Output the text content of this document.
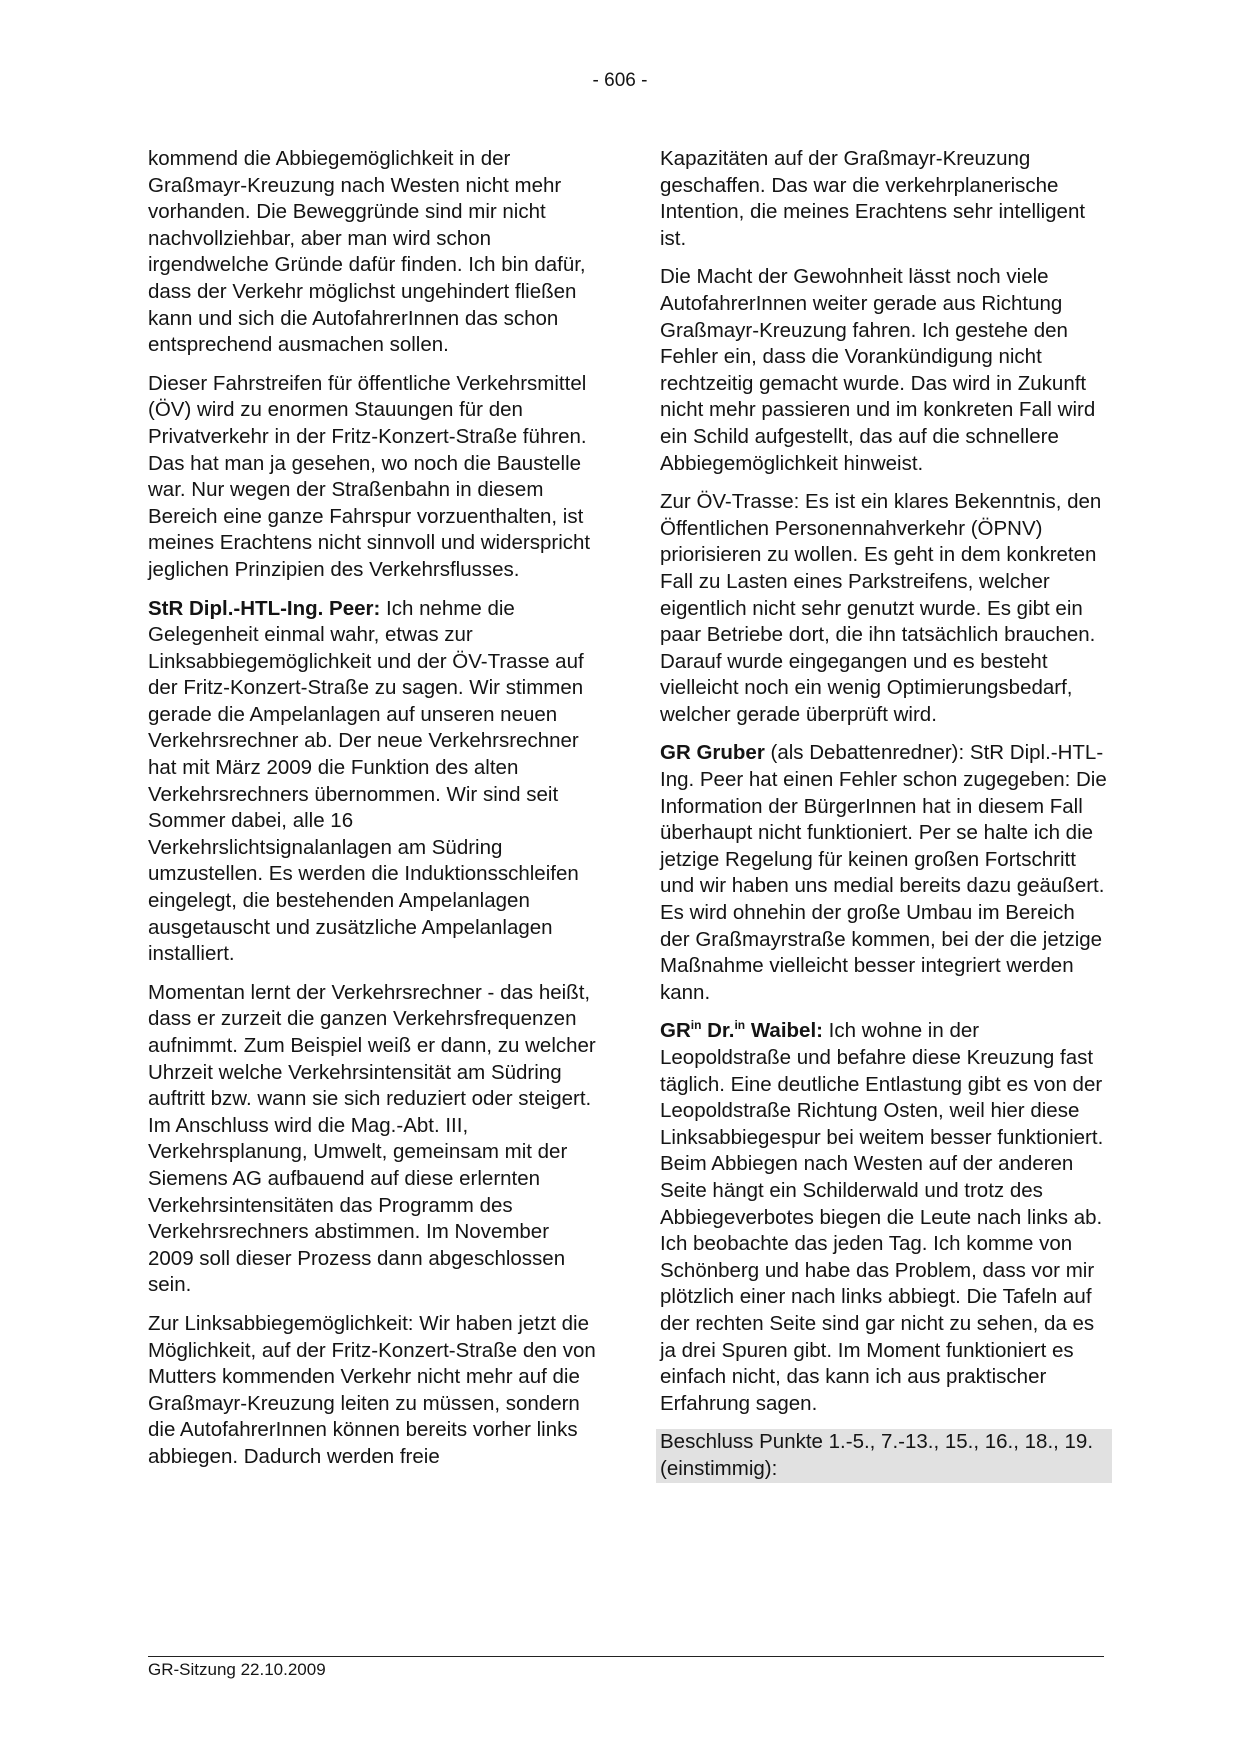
- 606 -

kommend die Abbiegemöglichkeit in der Graßmayr-Kreuzung nach Westen nicht mehr vorhanden. Die Beweggründe sind mir nicht nachvollziehbar, aber man wird schon irgendwelche Gründe dafür finden. Ich bin dafür, dass der Verkehr möglichst ungehindert fließen kann und sich die AutofahrerInnen das schon entsprechend ausmachen sollen.

Dieser Fahrstreifen für öffentliche Verkehrsmittel (ÖV) wird zu enormen Stauungen für den Privatverkehr in der Fritz-Konzert-Straße führen. Das hat man ja gesehen, wo noch die Baustelle war. Nur wegen der Straßenbahn in diesem Bereich eine ganze Fahrspur vorzuenthalten, ist meines Erachtens nicht sinnvoll und widerspricht jeglichen Prinzipien des Verkehrsflusses.

StR Dipl.-HTL-Ing. Peer: Ich nehme die Gelegenheit einmal wahr, etwas zur Linksabbiegemöglichkeit und der ÖV-Trasse auf der Fritz-Konzert-Straße zu sagen. Wir stimmen gerade die Ampelanlagen auf unseren neuen Verkehrsrechner ab. Der neue Verkehrsrechner hat mit März 2009 die Funktion des alten Verkehrsrechners übernommen. Wir sind seit Sommer dabei, alle 16 Verkehrslichtsignalanlagen am Südring umzustellen. Es werden die Induktionsschleifen eingelegt, die bestehenden Ampelanlagen ausgetauscht und zusätzliche Ampelanlagen installiert.

Momentan lernt der Verkehrsrechner - das heißt, dass er zurzeit die ganzen Verkehrsfrequenzen aufnimmt. Zum Beispiel weiß er dann, zu welcher Uhrzeit welche Verkehrsintensität am Südring auftritt bzw. wann sie sich reduziert oder steigert. Im Anschluss wird die Mag.-Abt. III, Verkehrsplanung, Umwelt, gemeinsam mit der Siemens AG aufbauend auf diese erlernten Verkehrsintensitäten das Programm des Verkehrsrechners abstimmen. Im November 2009 soll dieser Prozess dann abgeschlossen sein.

Zur Linksabbiegemöglichkeit: Wir haben jetzt die Möglichkeit, auf der Fritz-Konzert-Straße den von Mutters kommenden Verkehr nicht mehr auf die Graßmayr-Kreuzung leiten zu müssen, sondern die AutofahrerInnen können bereits vorher links abbiegen. Dadurch werden freie

Kapazitäten auf der Graßmayr-Kreuzung geschaffen. Das war die verkehrplanerische Intention, die meines Erachtens sehr intelligent ist.

Die Macht der Gewohnheit lässt noch viele AutofahrerInnen weiter gerade aus Richtung Graßmayr-Kreuzung fahren. Ich gestehe den Fehler ein, dass die Vorankündigung nicht rechtzeitig gemacht wurde. Das wird in Zukunft nicht mehr passieren und im konkreten Fall wird ein Schild aufgestellt, das auf die schnellere Abbiegemöglichkeit hinweist.

Zur ÖV-Trasse: Es ist ein klares Bekenntnis, den Öffentlichen Personennahverkehr (ÖPNV) priorisieren zu wollen. Es geht in dem konkreten Fall zu Lasten eines Parkstreifens, welcher eigentlich nicht sehr genutzt wurde. Es gibt ein paar Betriebe dort, die ihn tatsächlich brauchen. Darauf wurde eingegangen und es besteht vielleicht noch ein wenig Optimierungsbedarf, welcher gerade überprüft wird.

GR Gruber (als Debattenredner): StR Dipl.-HTL-Ing. Peer hat einen Fehler schon zugegeben: Die Information der BürgerInnen hat in diesem Fall überhaupt nicht funktioniert. Per se halte ich die jetzige Regelung für keinen großen Fortschritt und wir haben uns medial bereits dazu geäußert. Es wird ohnehin der große Umbau im Bereich der Graßmayrstraße kommen, bei der die jetzige Maßnahme vielleicht besser integriert werden kann.

$GR^{in}$ Dr.$^{in}$ Waibel: Ich wohne in der Leopoldstraße und befahre diese Kreuzung fast täglich. Eine deutliche Entlastung gibt es von der Leopoldstraße Richtung Osten, weil hier diese Linksabbiegespur bei weitem besser funktioniert. Beim Abbiegen nach Westen auf der anderen Seite hängt ein Schilderwald und trotz des Abbiegeverbotes biegen die Leute nach links ab. Ich beobachte das jeden Tag. Ich komme von Schönberg und habe das Problem, dass vor mir plötzlich einer nach links abbiegt. Die Tafeln auf der rechten Seite sind gar nicht zu sehen, da es ja drei Spuren gibt. Im Moment funktioniert es einfach nicht, das kann ich aus praktischer Erfahrung sagen.

Beschluss Punkte 1.-5., 7.-13., 15., 16., 18., 19. (einstimmig):

GR-Sitzung 22.10.2009
